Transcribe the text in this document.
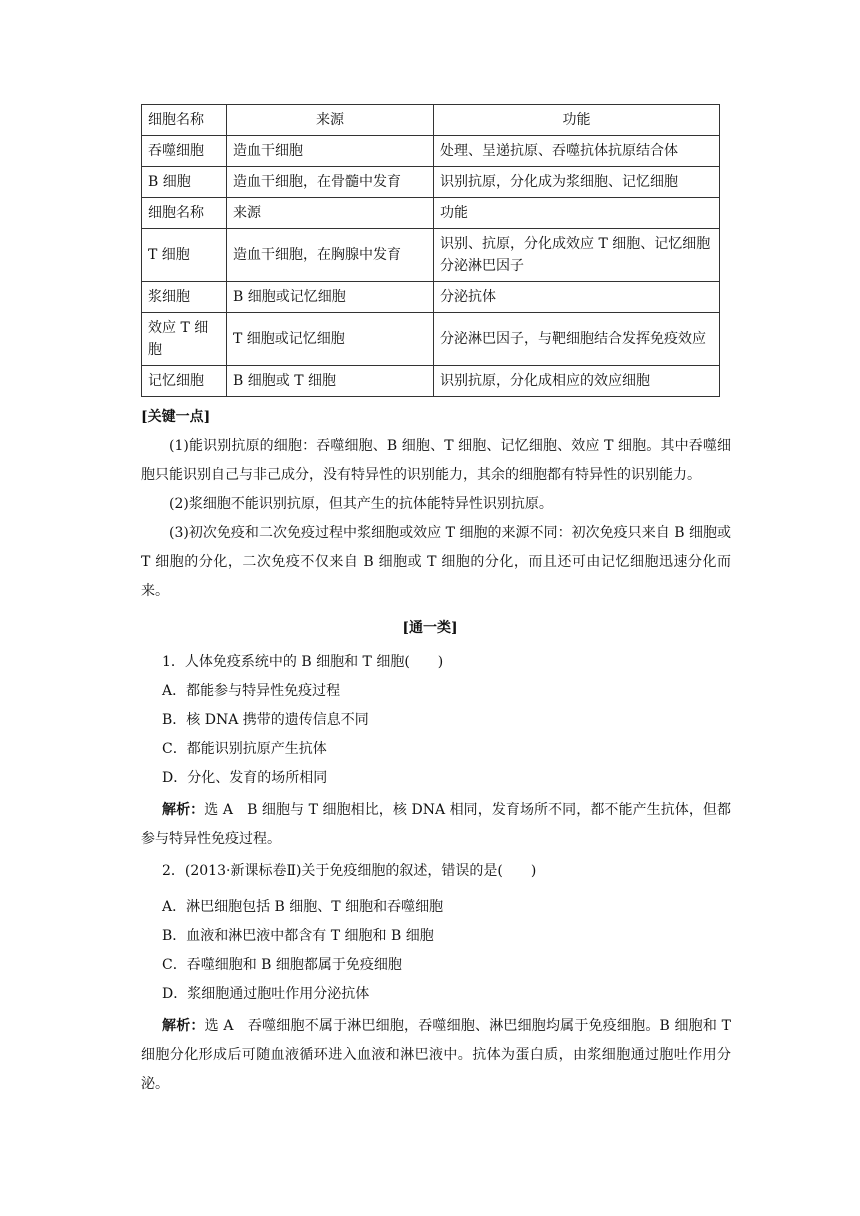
细胞名称	来源	功能
吞噬细胞	造血干细胞	处理、呈递抗原、吞噬抗体抗原结合体
B 细胞	造血干细胞，在骨髓中发育	识别抗原，分化成为浆细胞、记忆细胞
细胞名称	来源	功能
T 细胞	造血干细胞，在胸腺中发育	识别、抗原，分化成效应 T 细胞、记忆细胞分泌淋巴因子
浆细胞	B 细胞或记忆细胞	分泌抗体
效应 T 细胞	T 细胞或记忆细胞	分泌淋巴因子，与靶细胞结合发挥免疫效应
记忆细胞	B 细胞或 T 细胞	识别抗原，分化成相应的效应细胞
[关键一点]
(1)能识别抗原的细胞：吞噬细胞、B 细胞、T 细胞、记忆细胞、效应 T 细胞。其中吞噬细胞只能识别自己与非己成分，没有特异性的识别能力，其余的细胞都有特异性的识别能力。
(2)浆细胞不能识别抗原，但其产生的抗体能特异性识别抗原。
(3)初次免疫和二次免疫过程中浆细胞或效应 T 细胞的来源不同：初次免疫只来自 B 细胞或 T 细胞的分化，二次免疫不仅来自 B 细胞或 T 细胞的分化，而且还可由记忆细胞迅速分化而来。
[通一类]
1．人体免疫系统中的 B 细胞和 T 细胞(　　)
A．都能参与特异性免疫过程
B．核 DNA 携带的遗传信息不同
C．都能识别抗原产生抗体
D．分化、发育的场所相同
解析：选 A　B 细胞与 T 细胞相比，核 DNA 相同，发育场所不同，都不能产生抗体，但都参与特异性免疫过程。
2．(2013·新课标卷Ⅱ)关于免疫细胞的叙述，错误的是(　　)
A．淋巴细胞包括 B 细胞、T 细胞和吞噬细胞
B．血液和淋巴液中都含有 T 细胞和 B 细胞
C．吞噬细胞和 B 细胞都属于免疫细胞
D．浆细胞通过胞吐作用分泌抗体
解析：选 A　吞噬细胞不属于淋巴细胞，吞噬细胞、淋巴细胞均属于免疫细胞。B 细胞和 T 细胞分化形成后可随血液循环进入血液和淋巴液中。抗体为蛋白质，由浆细胞通过胞吐作用分泌。
